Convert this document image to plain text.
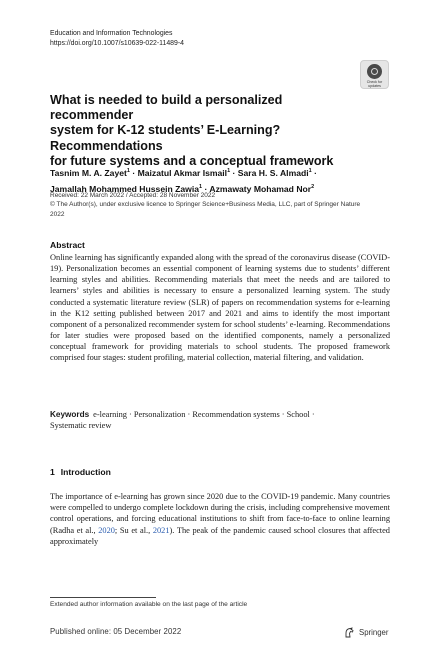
Education and Information Technologies
https://doi.org/10.1007/s10639-022-11489-4
Check for
updates
What is needed to build a personalized recommender
system for K-12 students’ E-Learning? Recommendations
for future systems and a conceptual framework

Tasnim M. A. Zayet$^1$ · Maizatul Akmar Ismail$^1$ · Sara H. S. Almadi$^1$ ·
Jamallah Mohammed Hussein Zawia$^1$ · Azmawaty Mohamad Nor$^2$

Received: 22 March 2022 / Accepted: 28 November 2022
© The Author(s), under exclusive licence to Springer Science+Business Media, LLC, part of Springer Nature
2022
Abstract
Online learning has significantly expanded along with the spread of the coronavirus disease (COVID-19). Personalization becomes an essential component of learning systems due to students’ different learning styles and abilities. Recommending materials that meet the needs and are tailored to learners’ styles and abilities is necessary to ensure a personalized learning system. The study conducted a systematic literature review (SLR) of papers on recommendation systems for e-learning in the K12 setting published between 2017 and 2021 and aims to identify the most important component of a personalized recommender system for school students’ e-learning. Recommendations for later studies were proposed based on the identified components, namely a personalized conceptual framework for providing materials to school students. The proposed framework comprised four stages: student profiling, material collection, material filtering, and validation.
Keywords e-learning · Personalization · Recommendation systems · School ·
Systematic review
1 Introduction
The importance of e-learning has grown since 2020 due to the COVID-19 pandemic. Many countries were compelled to undergo complete lockdown during the crisis, including comprehensive movement control operations, and forcing educational institutions to shift from face-to-face to online learning (Radha et al., 2020; Su et al., 2021). The peak of the pandemic caused school closures that affected approximately
Extended author information available on the last page of the article
Published online: 05 December 2022	Springer
